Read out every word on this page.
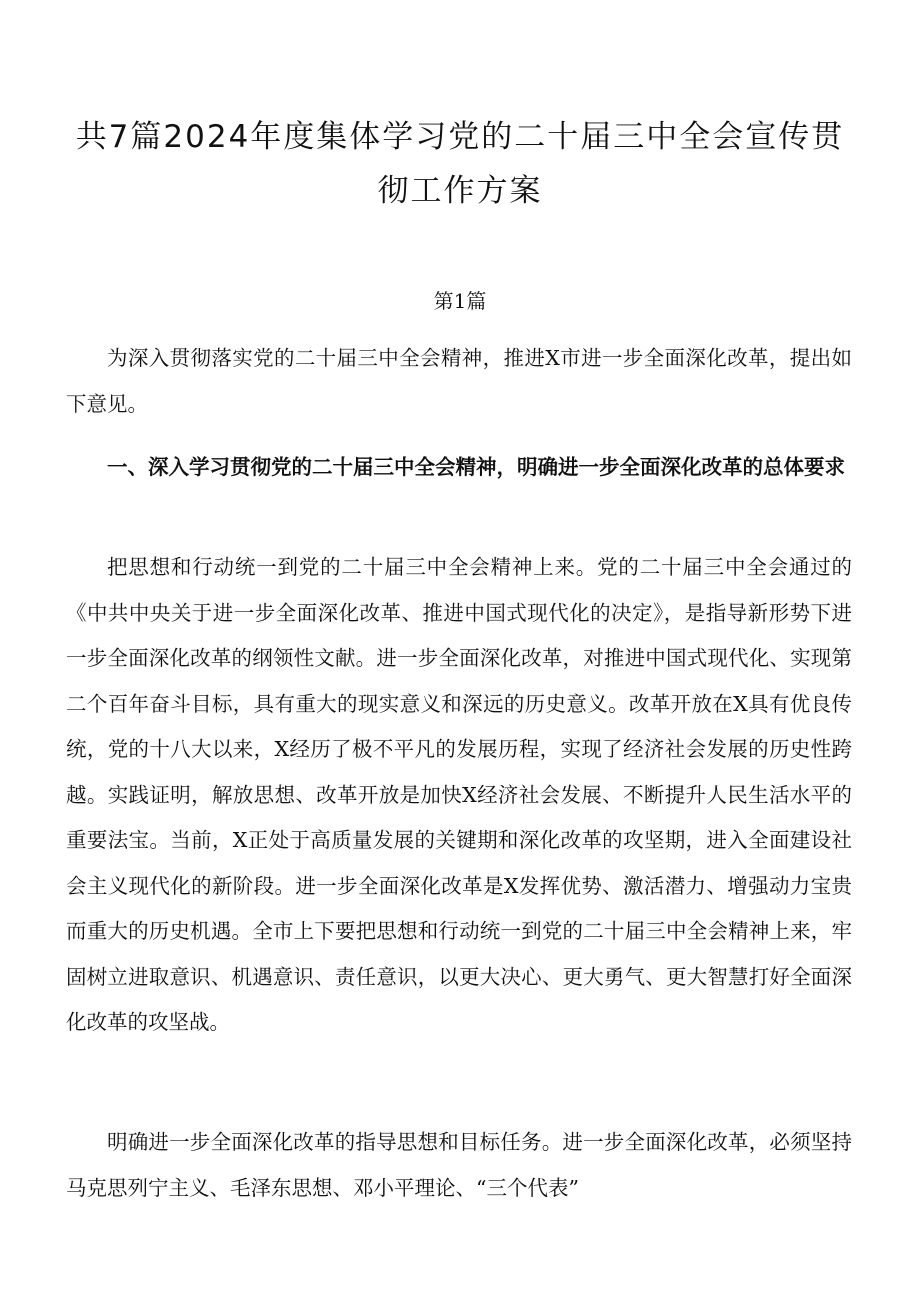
共7篇2024年度集体学习党的二十届三中全会宣传贯彻工作方案
第1篇

为深入贯彻落实党的二十届三中全会精神，推进X市进一步全面深化改革，提出如下意见。

一、深入学习贯彻党的二十届三中全会精神，明确进一步全面深化改革的总体要求

把思想和行动统一到党的二十届三中全会精神上来。党的二十届三中全会通过的《中共中央关于进一步全面深化改革、推进中国式现代化的决定》，是指导新形势下进一步全面深化改革的纲领性文献。进一步全面深化改革，对推进中国式现代化、实现第二个百年奋斗目标，具有重大的现实意义和深远的历史意义。改革开放在X具有优良传统，党的十八大以来，X经历了极不平凡的发展历程，实现了经济社会发展的历史性跨越。实践证明，解放思想、改革开放是加快X经济社会发展、不断提升人民生活水平的重要法宝。当前，X正处于高质量发展的关键期和深化改革的攻坚期，进入全面建设社会主义现代化的新阶段。进一步全面深化改革是X发挥优势、激活潜力、增强动力宝贵而重大的历史机遇。全市上下要把思想和行动统一到党的二十届三中全会精神上来，牢固树立进取意识、机遇意识、责任意识，以更大决心、更大勇气、更大智慧打好全面深化改革的攻坚战。

明确进一步全面深化改革的指导思想和目标任务。进一步全面深化改革，必须坚持马克思列宁主义、毛泽东思想、邓小平理论、“三个代表”
